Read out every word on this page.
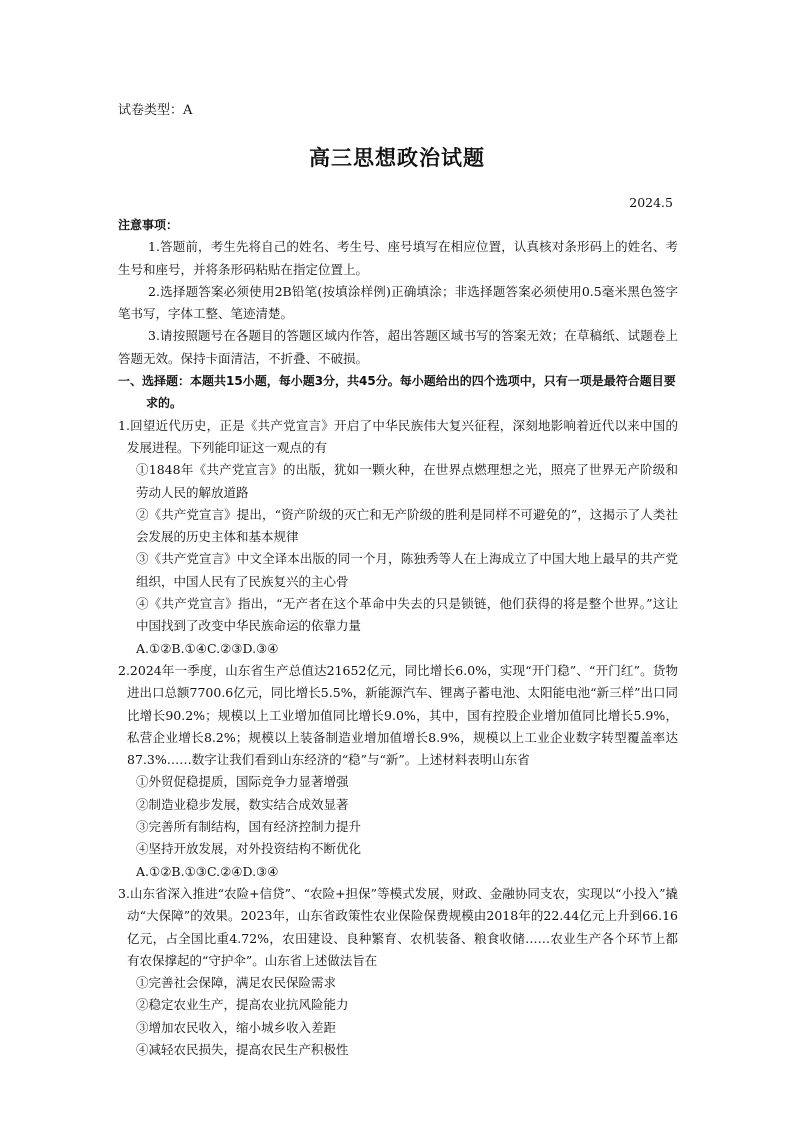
试卷类型：A
高三思想政治试题
2024.5

注意事项：

1.答题前，考生先将自己的姓名、考生号、座号填写在相应位置，认真核对条形码上的姓名、考生号和座号，并将条形码粘贴在指定位置上。

2.选择题答案必须使用2B铅笔(按填涂样例)正确填涂；非选择题答案必须使用0.5毫米黑色签字笔书写，字体工整、笔迹清楚。

3.请按照题号在各题目的答题区域内作答，超出答题区域书写的答案无效；在草稿纸、试题卷上答题无效。保持卡面清洁，不折叠、不破损。

一、选择题：本题共15小题，每小题3分，共45分。每小题给出的四个选项中，只有一项是最符合题目要求的。

1.回望近代历史，正是《共产党宣言》开启了中华民族伟大复兴征程，深刻地影响着近代以来中国的发展进程。下列能印证这一观点的有

①1848年《共产党宣言》的出版，犹如一颗火种，在世界点燃理想之光，照亮了世界无产阶级和劳动人民的解放道路

②《共产党宣言》提出，“资产阶级的灭亡和无产阶级的胜利是同样不可避免的”，这揭示了人类社会发展的历史主体和基本规律

③《共产党宣言》中文全译本出版的同一个月，陈独秀等人在上海成立了中国大地上最早的共产党组织，中国人民有了民族复兴的主心骨

④《共产党宣言》指出，“无产者在这个革命中失去的只是锁链，他们获得的将是整个世界。”这让中国找到了改变中华民族命运的依靠力量

A.①②B.①④C.②③D.③④

2.2024年一季度，山东省生产总值达21652亿元，同比增长6.0%，实现“开门稳”、“开门红”。货物进出口总额7700.6亿元，同比增长5.5%，新能源汽车、锂离子蓄电池、太阳能电池“新三样”出口同比增长90.2%；规模以上工业增加值同比增长9.0%，其中，国有控股企业增加值同比增长5.9%，私营企业增长8.2%；规模以上装备制造业增加值增长8.9%，规模以上工业企业数字转型覆盖率达87.3%……数字让我们看到山东经济的“稳”与“新”。上述材料表明山东省

①外贸促稳提质，国际竞争力显著增强

②制造业稳步发展，数实结合成效显著

③完善所有制结构，国有经济控制力提升

④坚持开放发展，对外投资结构不断优化

A.①②B.①③C.②④D.③④

3.山东省深入推进“农险+信贷”、“农险+担保”等模式发展，财政、金融协同支农，实现以“小投入”撬动“大保障”的效果。2023年，山东省政策性农业保险保费规模由2018年的22.44亿元上升到66.16亿元，占全国比重4.72%，农田建设、良种繁育、农机装备、粮食收储……农业生产各个环节上都有农保撑起的“守护伞”。山东省上述做法旨在

①完善社会保障，满足农民保险需求

②稳定农业生产，提高农业抗风险能力

③增加农民收入，缩小城乡收入差距

④减轻农民损失，提高农民生产积极性
